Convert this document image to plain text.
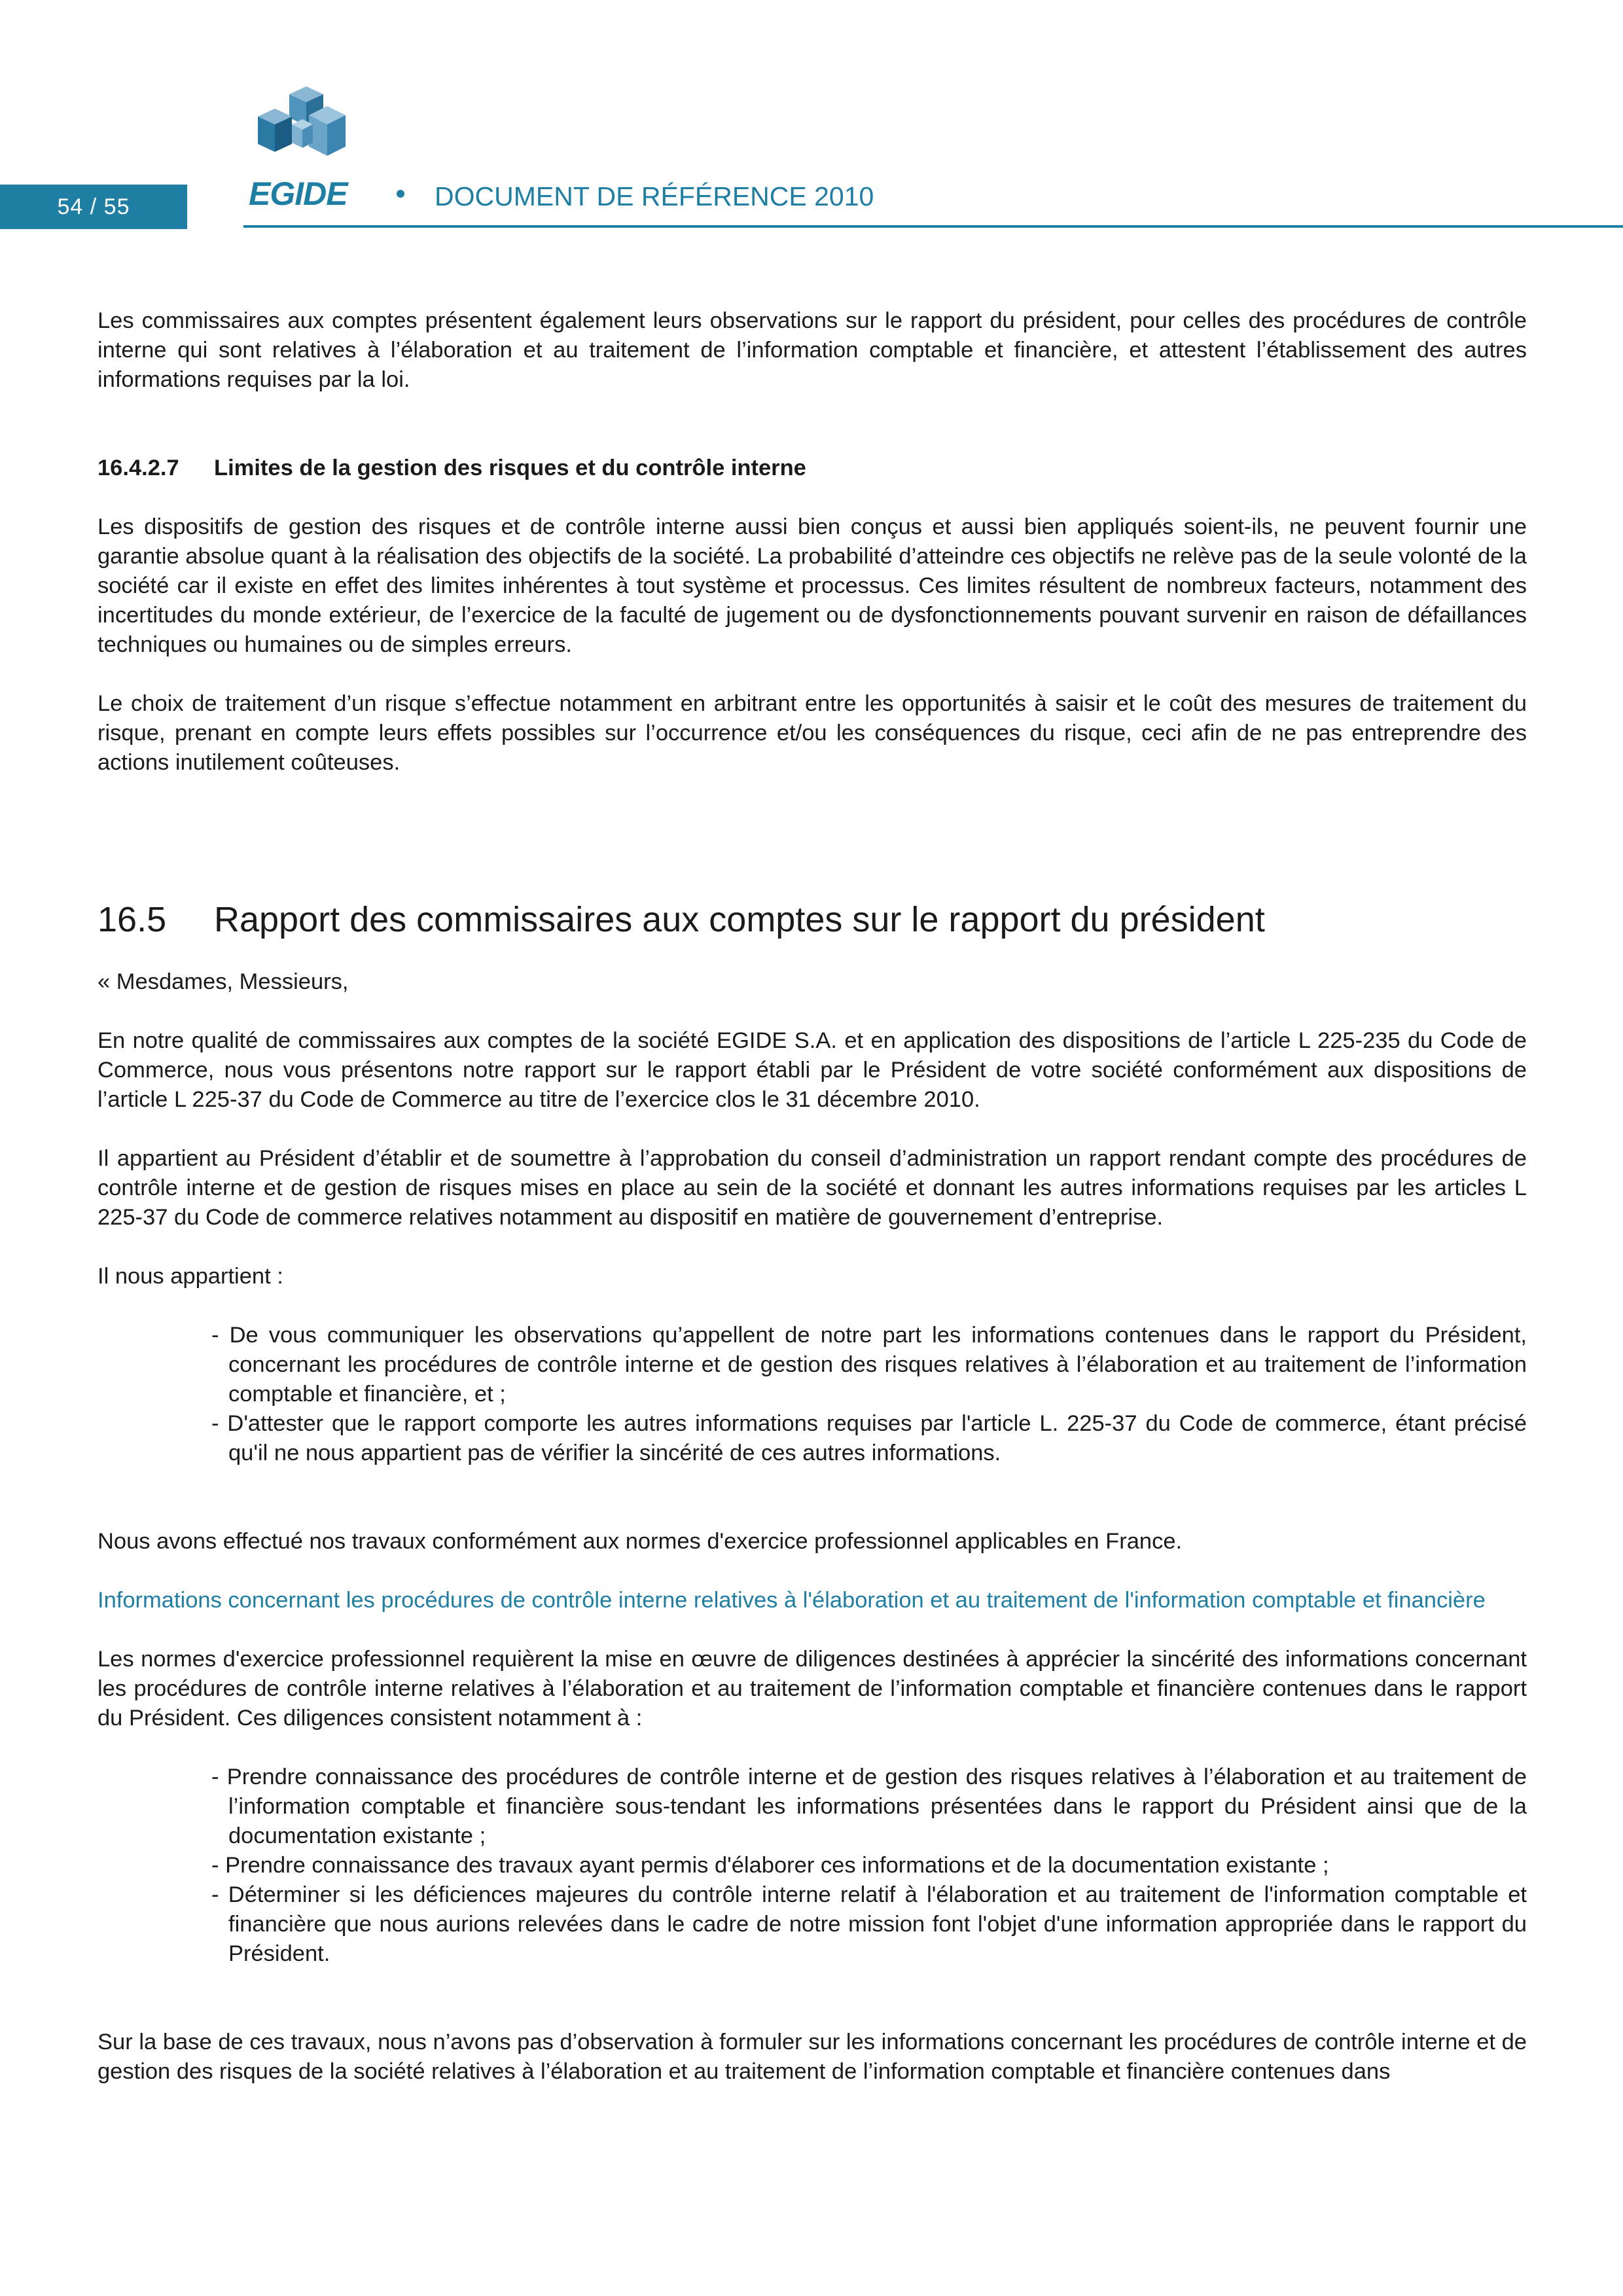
54 / 55	EGIDE	DOCUMENT DE RÉFÉRENCE 2010

Les commissaires aux comptes présentent également leurs observations sur le rapport du président, pour celles des procédures de contrôle interne qui sont relatives à l’élaboration et au traitement de l’information comptable et financière, et attestent l’établissement des autres informations requises par la loi.

16.4.2.7 Limites de la gestion des risques et du contrôle interne

Les dispositifs de gestion des risques et de contrôle interne aussi bien conçus et aussi bien appliqués soient-ils, ne peuvent fournir une garantie absolue quant à la réalisation des objectifs de la société. La probabilité d’atteindre ces objectifs ne relève pas de la seule volonté de la société car il existe en effet des limites inhérentes à tout système et processus. Ces limites résultent de nombreux facteurs, notamment des incertitudes du monde extérieur, de l’exercice de la faculté de jugement ou de dysfonctionnements pouvant survenir en raison de défaillances techniques ou humaines ou de simples erreurs.

Le choix de traitement d’un risque s’effectue notamment en arbitrant entre les opportunités à saisir et le coût des mesures de traitement du risque, prenant en compte leurs effets possibles sur l’occurrence et/ou les conséquences du risque, ceci afin de ne pas entreprendre des actions inutilement coûteuses.

16.5 Rapport des commissaires aux comptes sur le rapport du président

« Mesdames, Messieurs,

En notre qualité de commissaires aux comptes de la société EGIDE S.A. et en application des dispositions de l’article L 225-235 du Code de Commerce, nous vous présentons notre rapport sur le rapport établi par le Président de votre société conformément aux dispositions de l’article L 225-37 du Code de Commerce au titre de l’exercice clos le 31 décembre 2010.

Il appartient au Président d’établir et de soumettre à l’approbation du conseil d’administration un rapport rendant compte des procédures de contrôle interne et de gestion de risques mises en place au sein de la société et donnant les autres informations requises par les articles L 225-37 du Code de commerce relatives notamment au dispositif en matière de gouvernement d’entreprise.

Il nous appartient :

- De vous communiquer les observations qu’appellent de notre part les informations contenues dans le rapport du Président, concernant les procédures de contrôle interne et de gestion des risques relatives à l’élaboration et au traitement de l’information comptable et financière, et ;
- D'attester que le rapport comporte les autres informations requises par l'article L. 225-37 du Code de commerce, étant précisé qu'il ne nous appartient pas de vérifier la sincérité de ces autres informations.

Nous avons effectué nos travaux conformément aux normes d'exercice professionnel applicables en France.

Informations concernant les procédures de contrôle interne relatives à l'élaboration et au traitement de l'information comptable et financière

Les normes d'exercice professionnel requièrent la mise en œuvre de diligences destinées à apprécier la sincérité des informations concernant les procédures de contrôle interne relatives à l’élaboration et au traitement de l’information comptable et financière contenues dans le rapport du Président. Ces diligences consistent notamment à :

- Prendre connaissance des procédures de contrôle interne et de gestion des risques relatives à l’élaboration et au traitement de l’information comptable et financière sous-tendant les informations présentées dans le rapport du Président ainsi que de la documentation existante ;
- Prendre connaissance des travaux ayant permis d'élaborer ces informations et de la documentation existante ;
- Déterminer si les déficiences majeures du contrôle interne relatif à l'élaboration et au traitement de l'information comptable et financière que nous aurions relevées dans le cadre de notre mission font l'objet d'une information appropriée dans le rapport du Président.

Sur la base de ces travaux, nous n’avons pas d’observation à formuler sur les informations concernant les procédures de contrôle interne et de gestion des risques de la société relatives à l’élaboration et au traitement de l’information comptable et financière contenues dans
